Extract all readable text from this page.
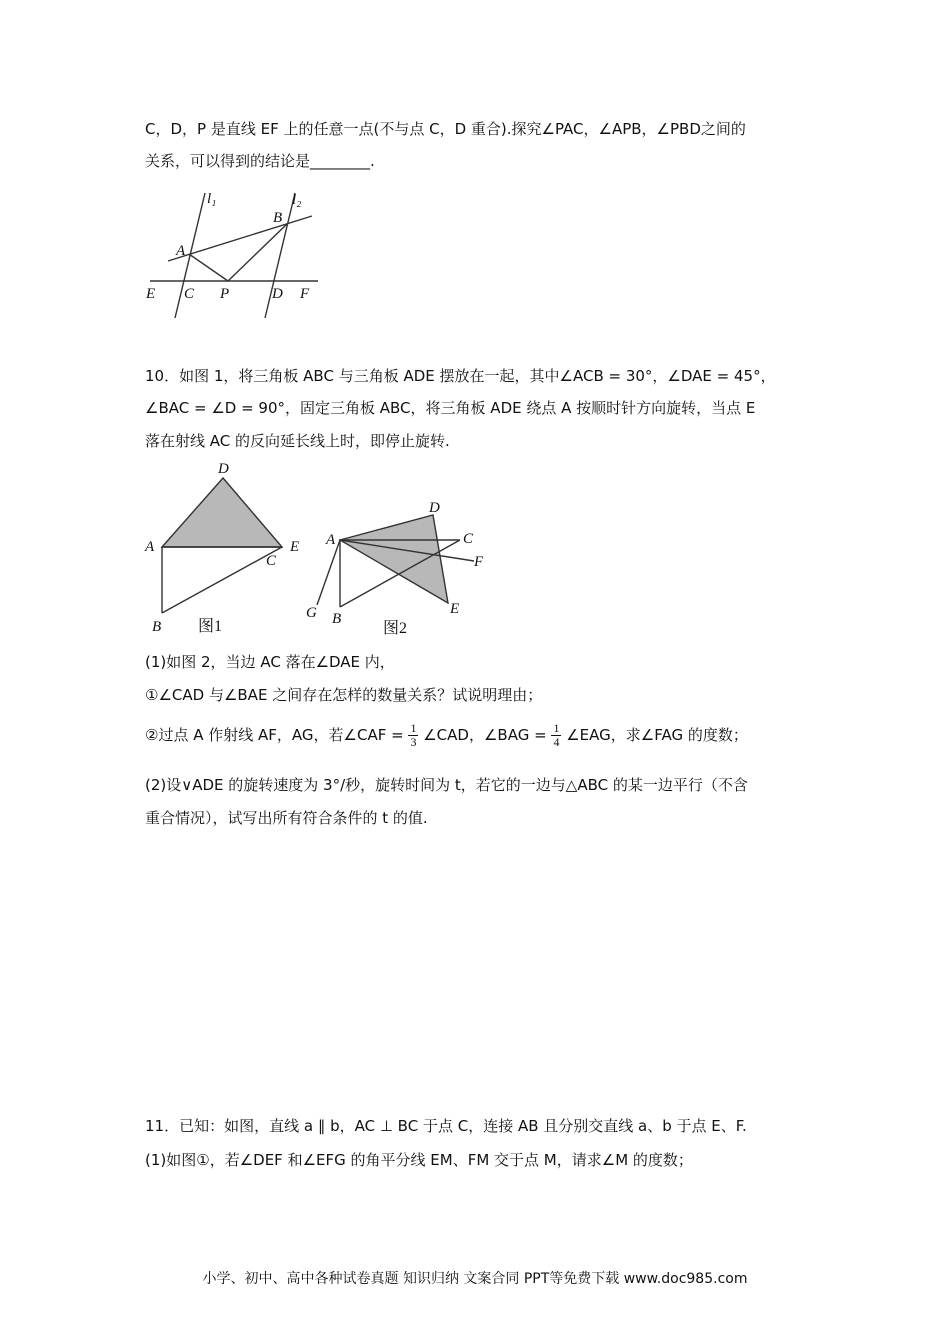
C，D，P 是直线 EF 上的任意一点(不与点 C，D 重合).探究∠PAC，∠APB，∠PBD之间的
关系，可以得到的结论是________.
l₁	l₂
A
B
E C P	D F
10．如图 1，将三角板 ABC 与三角板 ADE 摆放在一起，其中∠ACB = 30°，∠DAE = 45°，
∠BAC = ∠D = 90°，固定三角板 ABC，将三角板 ADE 绕点 A 按顺时针方向旋转，当点 E
落在射线 AC 的反向延长线上时，即停止旋转.
D
A	E
C
B 图1
D
A	C
F
G B
E
图2
(1)如图 2，当边 AC 落在∠DAE 内，
①∠CAD 与∠BAE 之间存在怎样的数量关系？试说明理由；
②过点 A 作射线 AF，AG，若∠CAF = $\frac{1}{3}$ ∠CAD，∠BAG = $\frac{1}{4}$ ∠EAG，求∠FAG 的度数；
(2)设∨ADE 的旋转速度为 3°/秒，旋转时间为 t，若它的一边与△ABC 的某一边平行（不含
重合情况），试写出所有符合条件的 t 的值.
11．已知：如图，直线 a ∥ b，AC ⊥ BC 于点 C，连接 AB 且分别交直线 a、b 于点 E、F.
(1)如图①，若∠DEF 和∠EFG 的角平分线 EM、FM 交于点 M，请求∠M 的度数；
小学、初中、高中各种试卷真题 知识归纳 文案合同 PPT等免费下载 www.doc985.com
